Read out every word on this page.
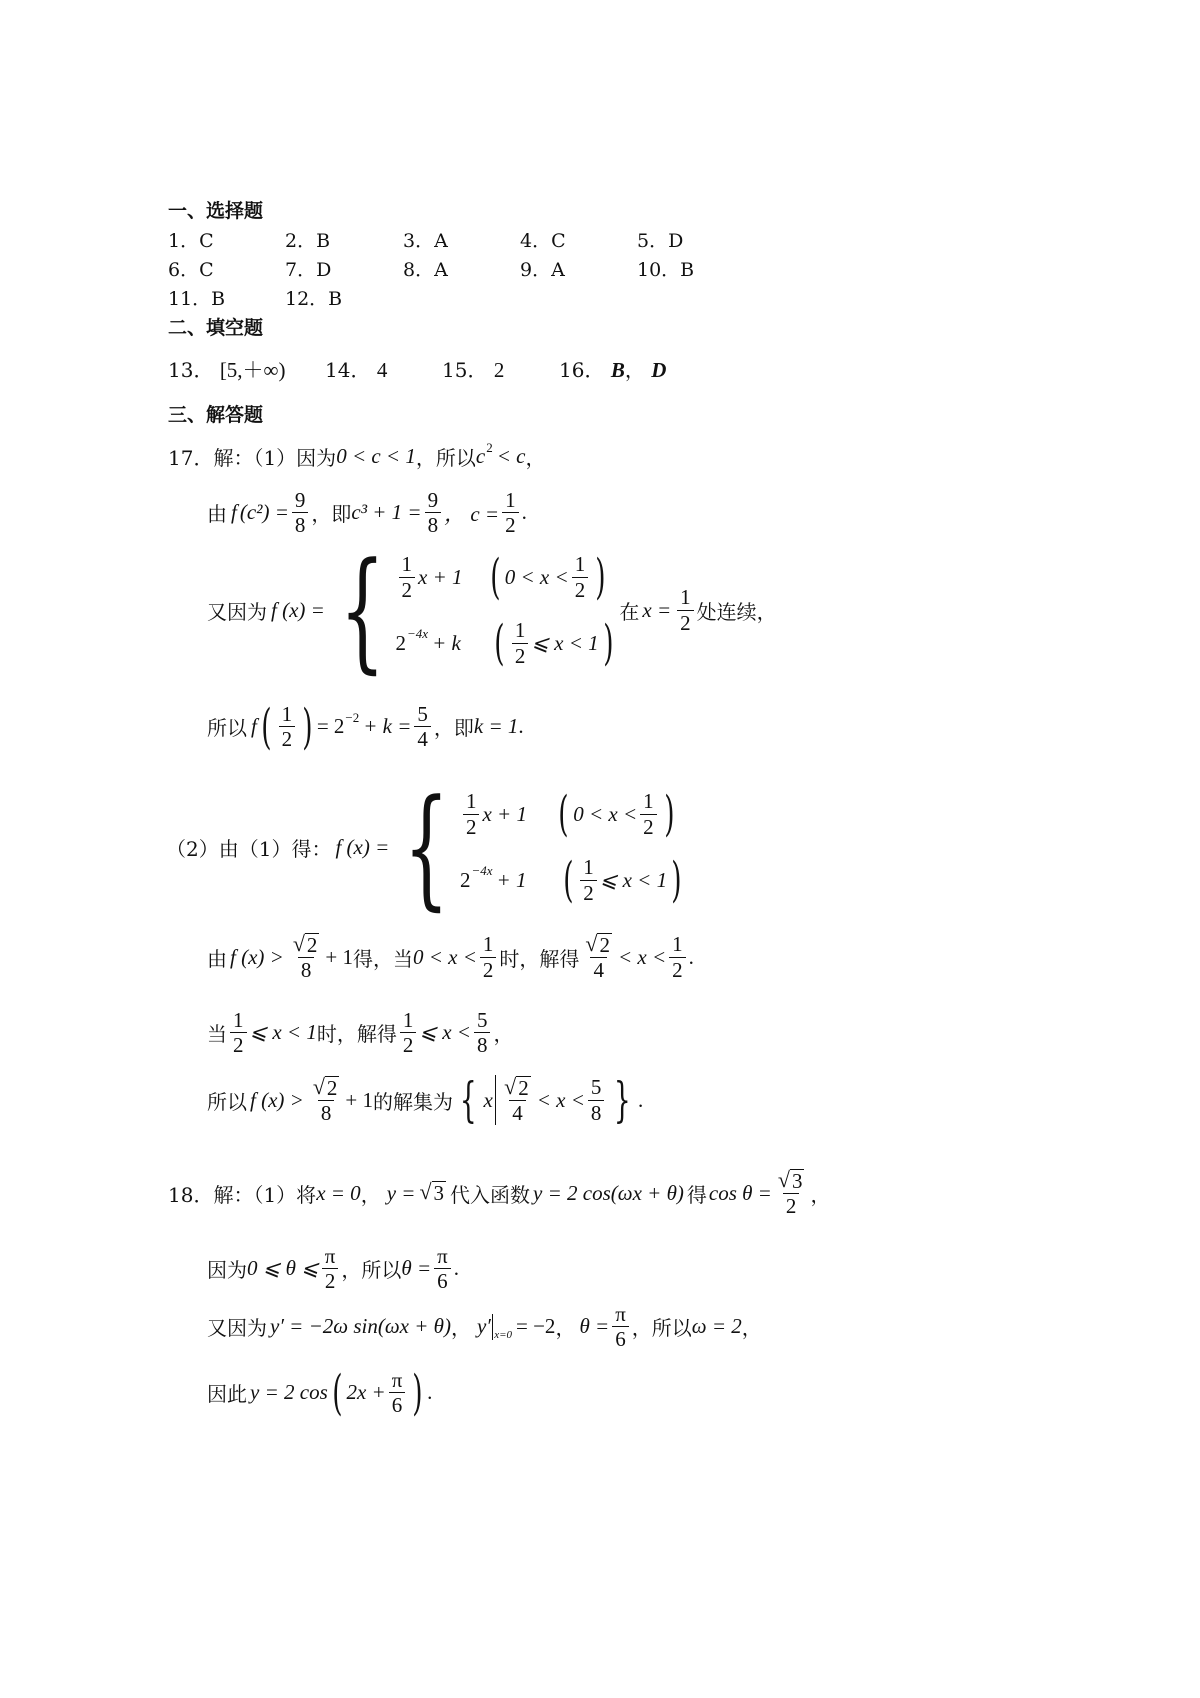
一、选择题
1．C	2．B	3．A	4．C	5．D
6．C	7．D	8．A	9．A	10．B
11．B	12．B
二、填空题
13． [5,＋∞) 14． 4	15． 2	16． B， D
三、解答题
17．解：（1）因为 0 < c < 1 ，所以 c 2 < c ，
由 f $(c^2) = \frac{9}{8}$ ，即 $c^3 + 1 = \frac{9}{8}$ ， $c = \frac{1}{2}$ .
又因为 f (x) = { $\frac{1}{2}$ x + 1 ( $0 < x < \frac{1}{2}$ )
2 −4x + k ( $\frac{1}{2}$ ⩽ x < 1 )
在 $x = \frac{1}{2}$ 处连续，
所以 f ( $\frac{1}{2}$ ) = $2 -2 + k = \frac{5}{4}$ ，即 k = 1 .
（2）由（1）得： f (x) = { $\frac{1}{2}$ x + 1 ( $0 < x < \frac{1}{2}$ )
2 −4x + 1 ( $\frac{1}{2}$ ⩽ x < 1 )
由 f $(x) > \frac{√ 2}{8} + 1$ 得，当 $0 < x < \frac{1}{2}$ 时，解得 $\frac{√ 2}{4} < x < \frac{1}{2}$ .
当 $\frac{1}{2}$ ⩽ x < 1 时，解得 $\frac{1}{2}$ ⩽ $x < \frac{5}{8}$ ，
所以 f $(x) > \frac{√ 2}{8} + 1$ 的解集为 { x $\frac{√ 2}{4} < x < \frac{5}{8}$ } .
18．解：（1）将 x = 0 ， y = √ 3 代入函数 y = 2 cos(ωx + θ) 得 $\cos \theta = \frac{√ 3}{2}$ ，
因为 0 ⩽ θ ⩽ $\frac{\pi}{2}$ ，所以 $\theta = \frac{\pi}{6}$ .
又因为 y′ = −2ω sin(ωx + θ) ， y′ x=0 = −2 ， $\theta = \frac{\pi}{6}$ ，所以 ω = 2 ，
因此 y = 2 cos ( $2x + \frac{\pi}{6}$ ) .
